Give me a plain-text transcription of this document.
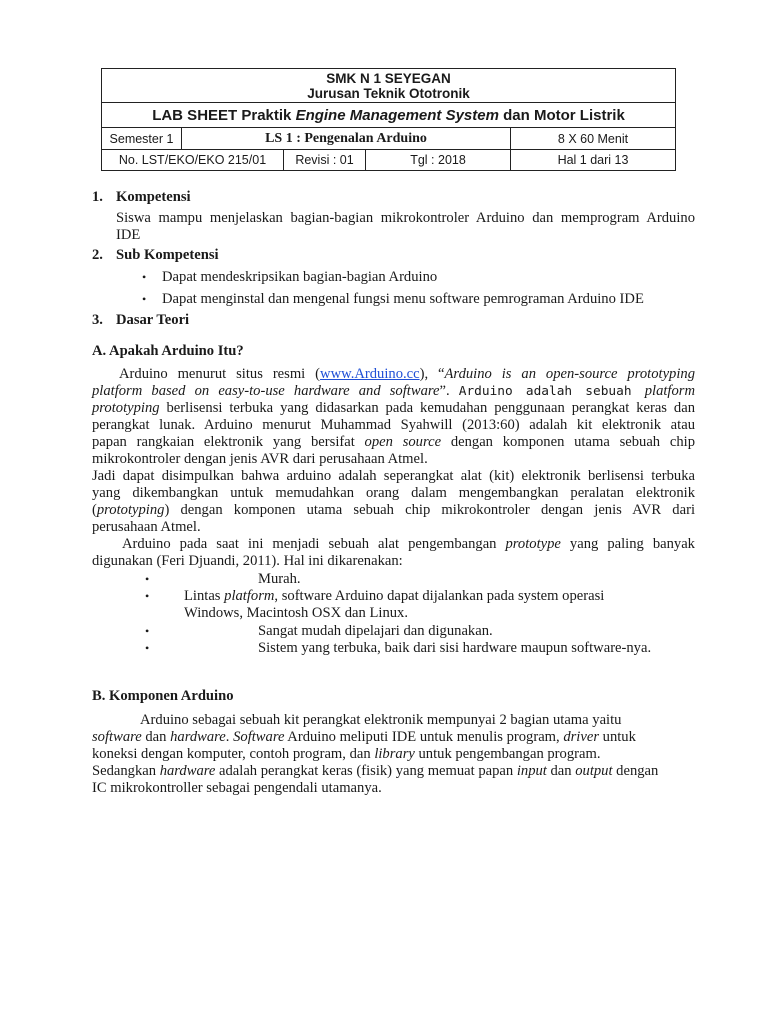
SMK N 1 SEYEGAN
Jurusan Teknik Ototronik
LAB SHEET Praktik Engine Management System dan Motor Listrik
Semester 1	LS 1 : Pengenalan Arduino	8 X 60 Menit
No. LST/EKO/EKO 215/01	Revisi : 01	Tgl : 2018	Hal 1 dari 13
1. Kompetensi
Siswa mampu menjelaskan bagian-bagian mikrokontroler Arduino dan memprogram Arduino
IDE
2. Sub Kompetensi
• Dapat mendeskripsikan bagian-bagian Arduino
• Dapat menginstal dan mengenal fungsi menu software pemrograman Arduino IDE
3. Dasar Teori
A. Apakah Arduino Itu?
Arduino menurut situs resmi (www.Arduino.cc), “Arduino is an open-source prototyping
platform based on easy-to-use hardware and software”. Arduino adalah sebuah platform
prototyping berlisensi terbuka yang didasarkan pada kemudahan penggunaan perangkat keras dan
perangkat lunak. Arduino menurut Muhammad Syahwill (2013:60) adalah kit elektronik atau
papan rangkaian elektronik yang bersifat open source dengan komponen utama sebuah chip
mikrokontroler dengan jenis AVR dari perusahaan Atmel.
Jadi dapat disimpulkan bahwa arduino adalah seperangkat alat (kit) elektronik berlisensi terbuka
yang dikembangkan untuk memudahkan orang dalam mengembangkan peralatan elektronik
(prototyping) dengan komponen utama sebuah chip mikrokontroler dengan jenis AVR dari
perusahaan Atmel.
Arduino pada saat ini menjadi sebuah alat pengembangan prototype yang paling banyak
digunakan (Feri Djuandi, 2011). Hal ini dikarenakan:
•	Murah.
• Lintas platform, software Arduino dapat dijalankan pada system operasi
Windows, Macintosh OSX dan Linux.
•	Sangat mudah dipelajari dan digunakan.
•	Sistem yang terbuka, baik dari sisi hardware maupun software-nya.
B. Komponen Arduino
Arduino sebagai sebuah kit perangkat elektronik mempunyai 2 bagian utama yaitu
software dan hardware. Software Arduino meliputi IDE untuk menulis program, driver untuk
koneksi dengan komputer, contoh program, dan library untuk pengembangan program.
Sedangkan hardware adalah perangkat keras (fisik) yang memuat papan input dan output dengan
IC mikrokontroller sebagai pengendali utamanya.
